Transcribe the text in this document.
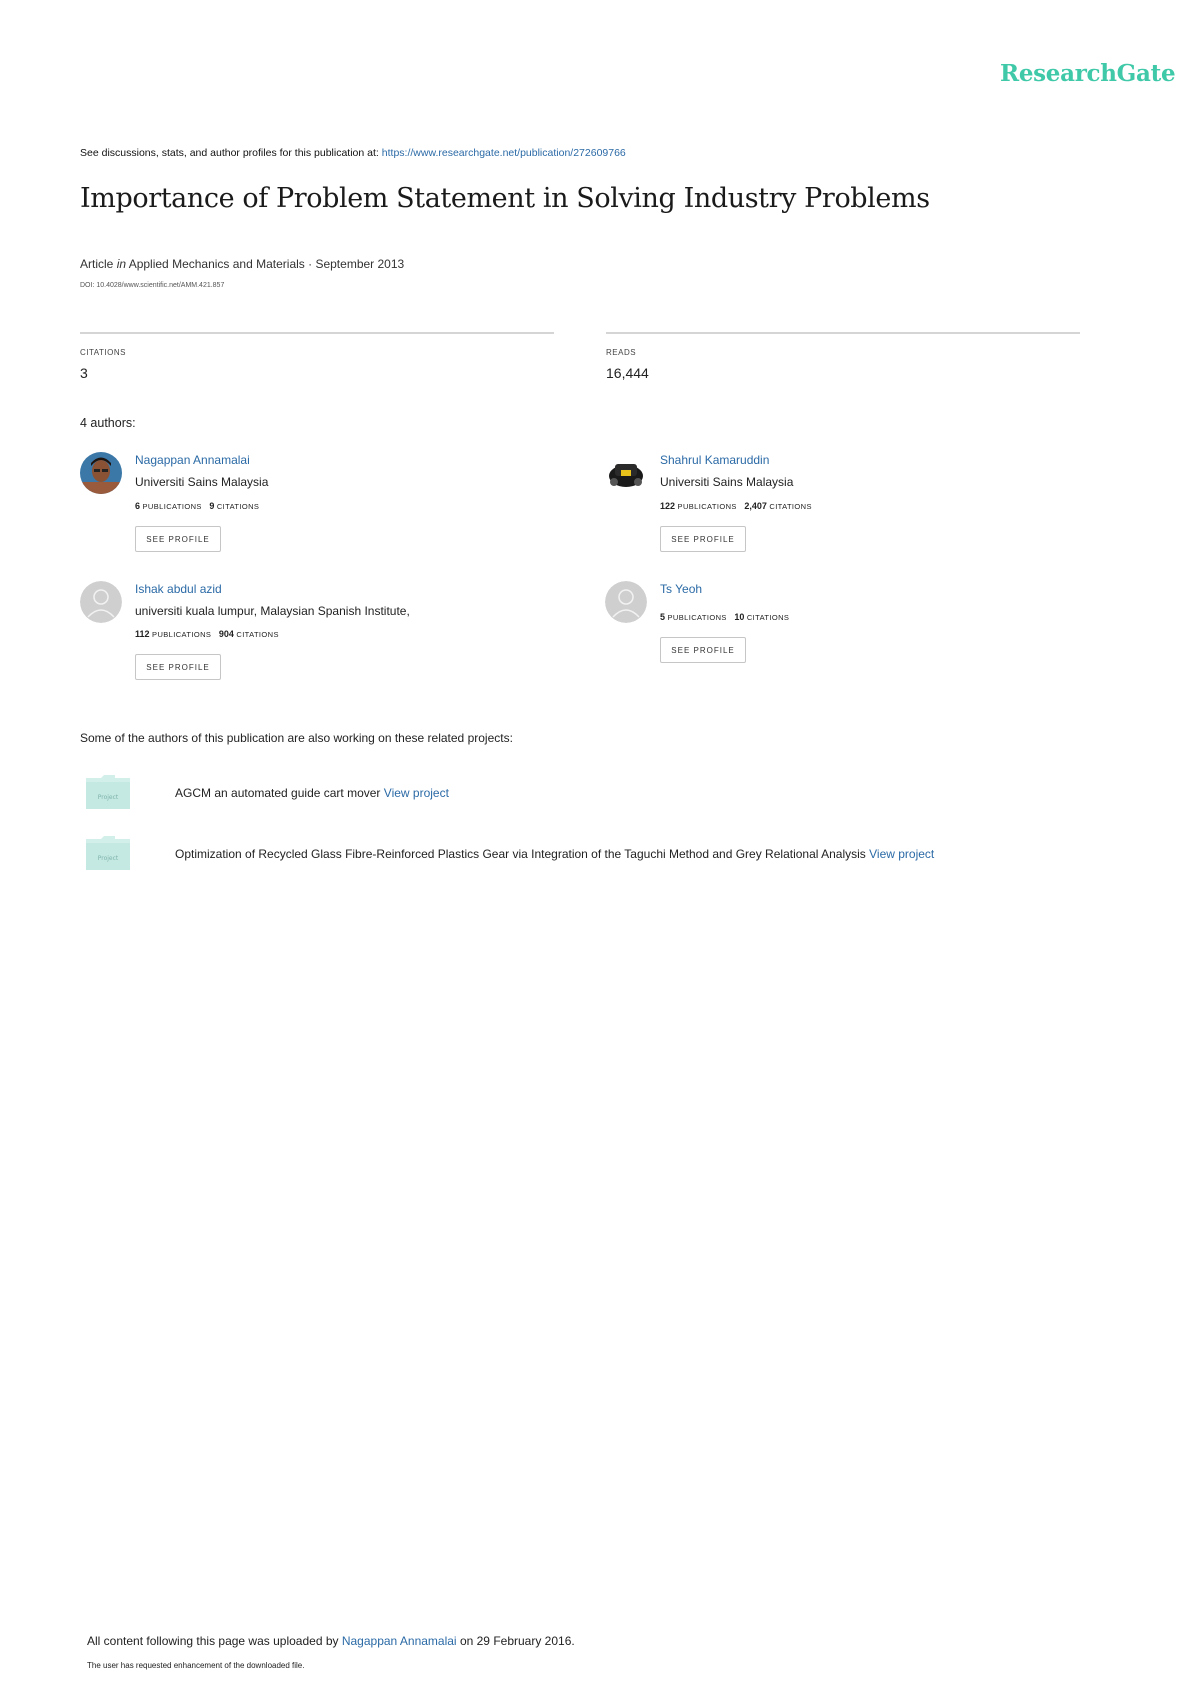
ResearchGate
See discussions, stats, and author profiles for this publication at: https://www.researchgate.net/publication/272609766
Importance of Problem Statement in Solving Industry Problems
Article in Applied Mechanics and Materials · September 2013
DOI: 10.4028/www.scientific.net/AMM.421.857
CITATIONS
3
READS
16,444
4 authors:
Nagappan Annamalai
Universiti Sains Malaysia
6 PUBLICATIONS 9 CITATIONS
SEE PROFILE
Shahrul Kamaruddin
Universiti Sains Malaysia
122 PUBLICATIONS 2,407 CITATIONS
SEE PROFILE
Ishak abdul azid
universiti kuala lumpur, Malaysian Spanish Institute,
112 PUBLICATIONS 904 CITATIONS
SEE PROFILE
Ts Yeoh
5 PUBLICATIONS 10 CITATIONS
SEE PROFILE
Some of the authors of this publication are also working on these related projects:
Project	AGCM an automated guide cart mover View project
Project	Optimization of Recycled Glass Fibre-Reinforced Plastics Gear via Integration of the Taguchi Method and Grey Relational Analysis View project
All content following this page was uploaded by Nagappan Annamalai on 29 February 2016.
The user has requested enhancement of the downloaded file.
